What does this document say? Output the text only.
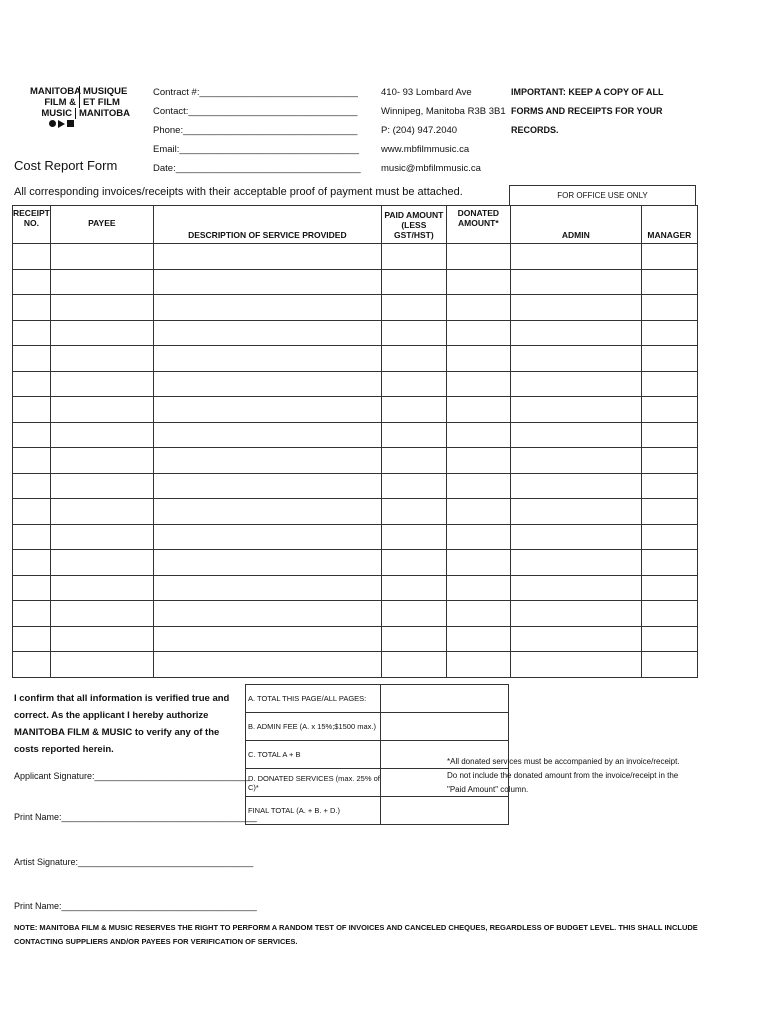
MANITOBA MUSIQUE
FILM & ET FILM
MUSIC MANITOBA
Cost Report Form
Contract #:______________________________
Contact:________________________________
Phone:_________________________________
Email:__________________________________
Date:___________________________________
410- 93 Lombard Ave
Winnipeg, Manitoba R3B 3B1
P: (204) 947.2040
www.mbfilmmusic.ca
music@mbfilmmusic.ca
IMPORTANT: KEEP A COPY OF ALL FORMS AND RECEIPTS FOR YOUR RECORDS.
All corresponding invoices/receipts with their acceptable proof of payment must be attached.	FOR OFFICE USE ONLY
RECEIPT NO.	PAYEE	DESCRIPTION OF SERVICE PROVIDED	PAID AMOUNT (LESS GST/HST)	DONATED AMOUNT*	ADMIN	MANAGER

A. TOTAL THIS PAGE/ALL PAGES:	
B. ADMIN FEE (A. x 15%;$1500 max.)	
C. TOTAL A + B	
D. DONATED SERVICES (max. 25% of C)*	
FINAL TOTAL (A. + B. + D.)	
I confirm that all information is verified true and correct. As the applicant I hereby authorize MANITOBA FILM & MUSIC to verify any of the costs reported herein.
*All donated services must be accompanied by an invoice/receipt. Do not include the donated amount from the invoice/receipt in the "Paid Amount" column.
Applicant Signature:_______________________________
Print Name:_______________________________________
Artist Signature:___________________________________
Print Name:_______________________________________
NOTE: MANITOBA FILM & MUSIC RESERVES THE RIGHT TO PERFORM A RANDOM TEST OF INVOICES AND CANCELED CHEQUES, REGARDLESS OF BUDGET LEVEL. THIS SHALL INCLUDE CONTACTING SUPPLIERS AND/OR PAYEES FOR VERIFICATION OF SERVICES.
